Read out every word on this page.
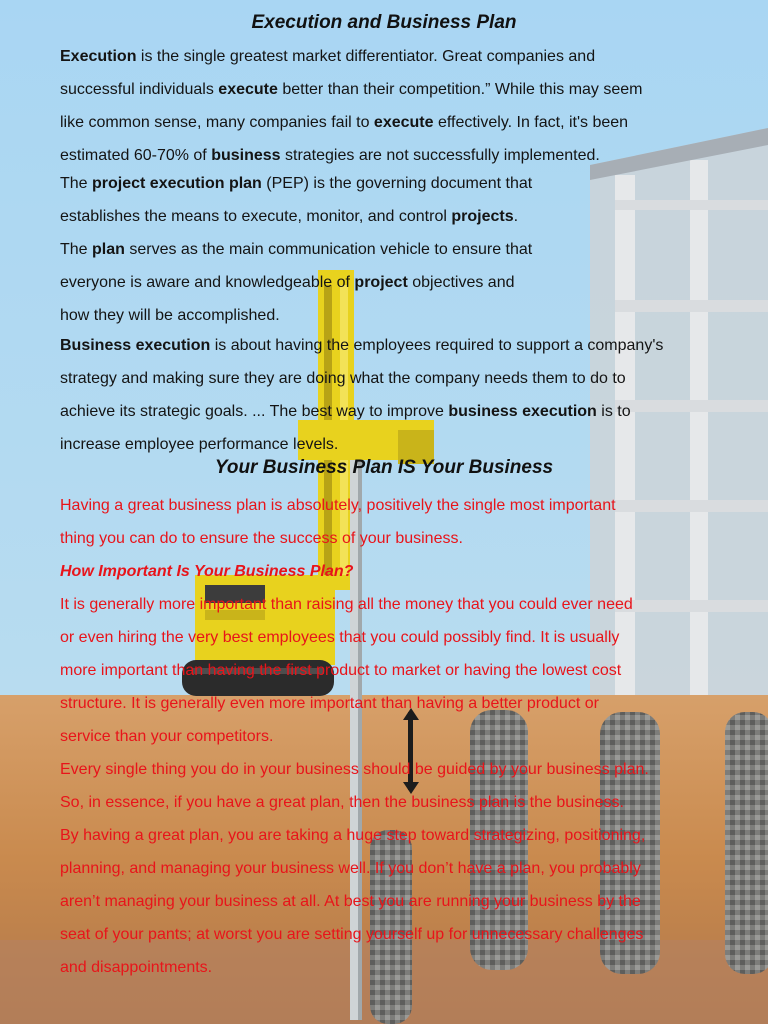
Execution and Business Plan
Execution is the single greatest market differentiator. Great companies and
successful individuals execute better than their competition.” While this may seem
like common sense, many companies fail to execute effectively. In fact, it's been
estimated 60-70% of business strategies are not successfully implemented.
The project execution plan (PEP) is the governing document that
establishes the means to execute, monitor, and control projects.
The plan serves as the main communication vehicle to ensure that
everyone is aware and knowledgeable of project objectives and
how they will be accomplished.
Business execution is about having the employees required to support a company's
strategy and making sure they are doing what the company needs them to do to
achieve its strategic goals. ... The best way to improve business execution is to
increase employee performance levels.
Your Business Plan IS Your Business
Having a great business plan is absolutely, positively the single most important
thing you can do to ensure the success of your business.
How Important Is Your Business Plan?
It is generally more important than raising all the money that you could ever need
or even hiring the very best employees that you could possibly find. It is usually
more important than having the first product to market or having the lowest cost
structure. It is generally even more important than having a better product or
service than your competitors.
Every single thing you do in your business should be guided by your business plan.
So, in essence, if you have a great plan, then the business plan is the business.
By having a great plan, you are taking a huge step toward strategizing, positioning,
planning, and managing your business well. If you don’t have a plan, you probably
aren’t managing your business at all. At best you are running your business by the
seat of your pants; at worst you are setting yourself up for unnecessary challenges
and disappointments.
